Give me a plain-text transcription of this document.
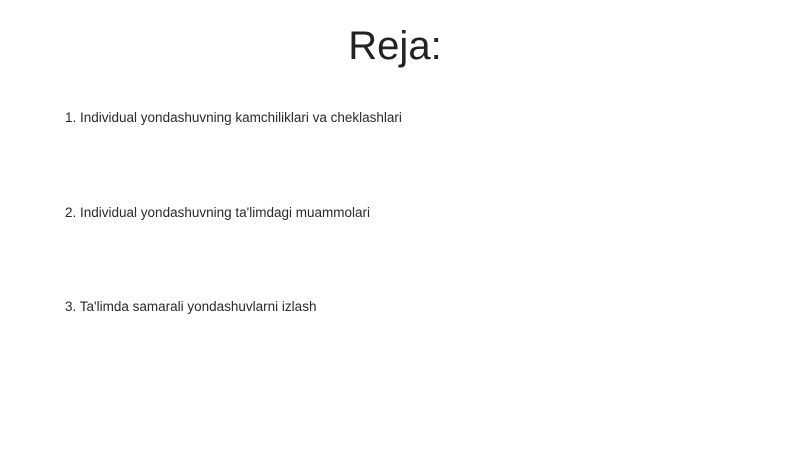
Reja:
1. Individual yondashuvning kamchiliklari va cheklashlari
2. Individual yondashuvning ta'limdagi muammolari
3. Ta'limda samarali yondashuvlarni izlash
